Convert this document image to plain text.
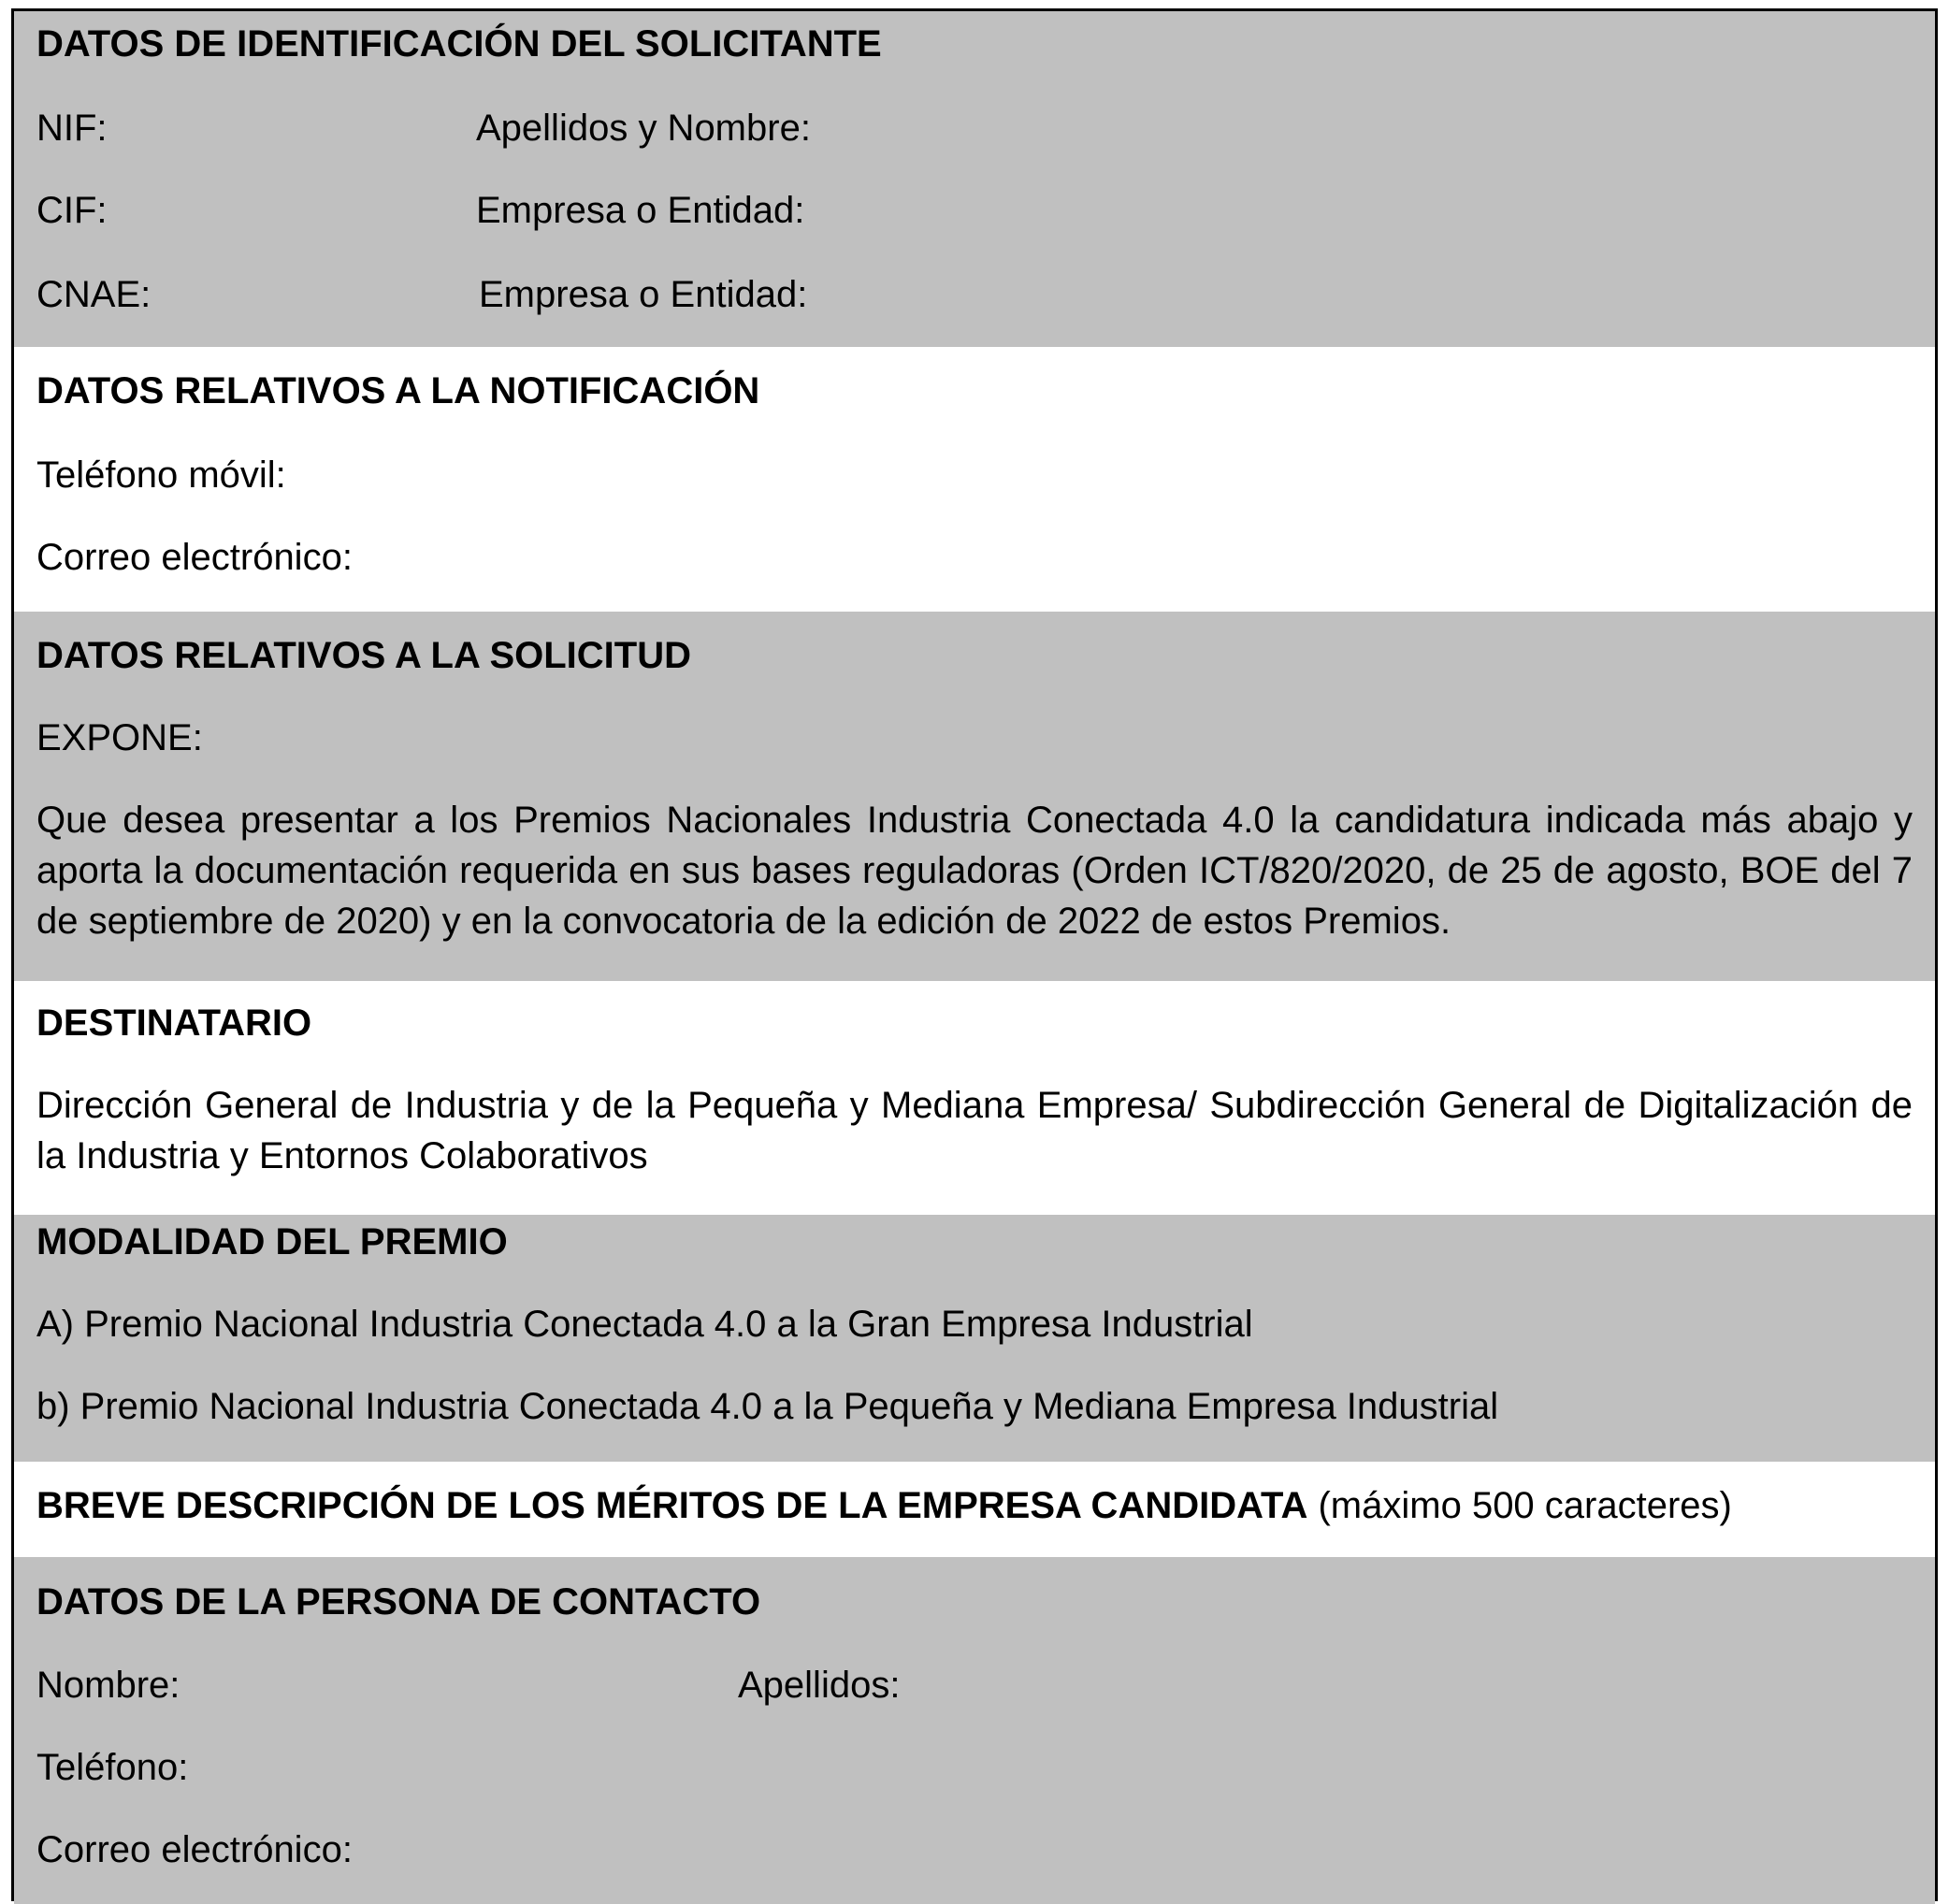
DATOS DE IDENTIFICACIÓN DEL SOLICITANTE
NIF:	Apellidos y Nombre:
CIF:	Empresa o Entidad:
CNAE:	Empresa o Entidad:
DATOS RELATIVOS A LA NOTIFICACIÓN
Teléfono móvil:
Correo electrónico:
DATOS RELATIVOS A LA SOLICITUD
EXPONE:
Que desea presentar a los Premios Nacionales Industria Conectada 4.0 la candidatura indicada más abajo y aporta la documentación requerida en sus bases reguladoras (Orden ICT/820/2020, de 25 de agosto, BOE del 7 de septiembre de 2020) y en la convocatoria de la edición de 2022 de estos Premios.
DESTINATARIO
Dirección General de Industria y de la Pequeña y Mediana Empresa/ Subdirección General de Digitalización de la Industria y Entornos Colaborativos
MODALIDAD DEL PREMIO
A) Premio Nacional Industria Conectada 4.0 a la Gran Empresa Industrial
b) Premio Nacional Industria Conectada 4.0 a la Pequeña y Mediana Empresa Industrial
BREVE DESCRIPCIÓN DE LOS MÉRITOS DE LA EMPRESA CANDIDATA (máximo 500 caracteres)
DATOS DE LA PERSONA DE CONTACTO
Nombre:	Apellidos:
Teléfono:
Correo electrónico:
